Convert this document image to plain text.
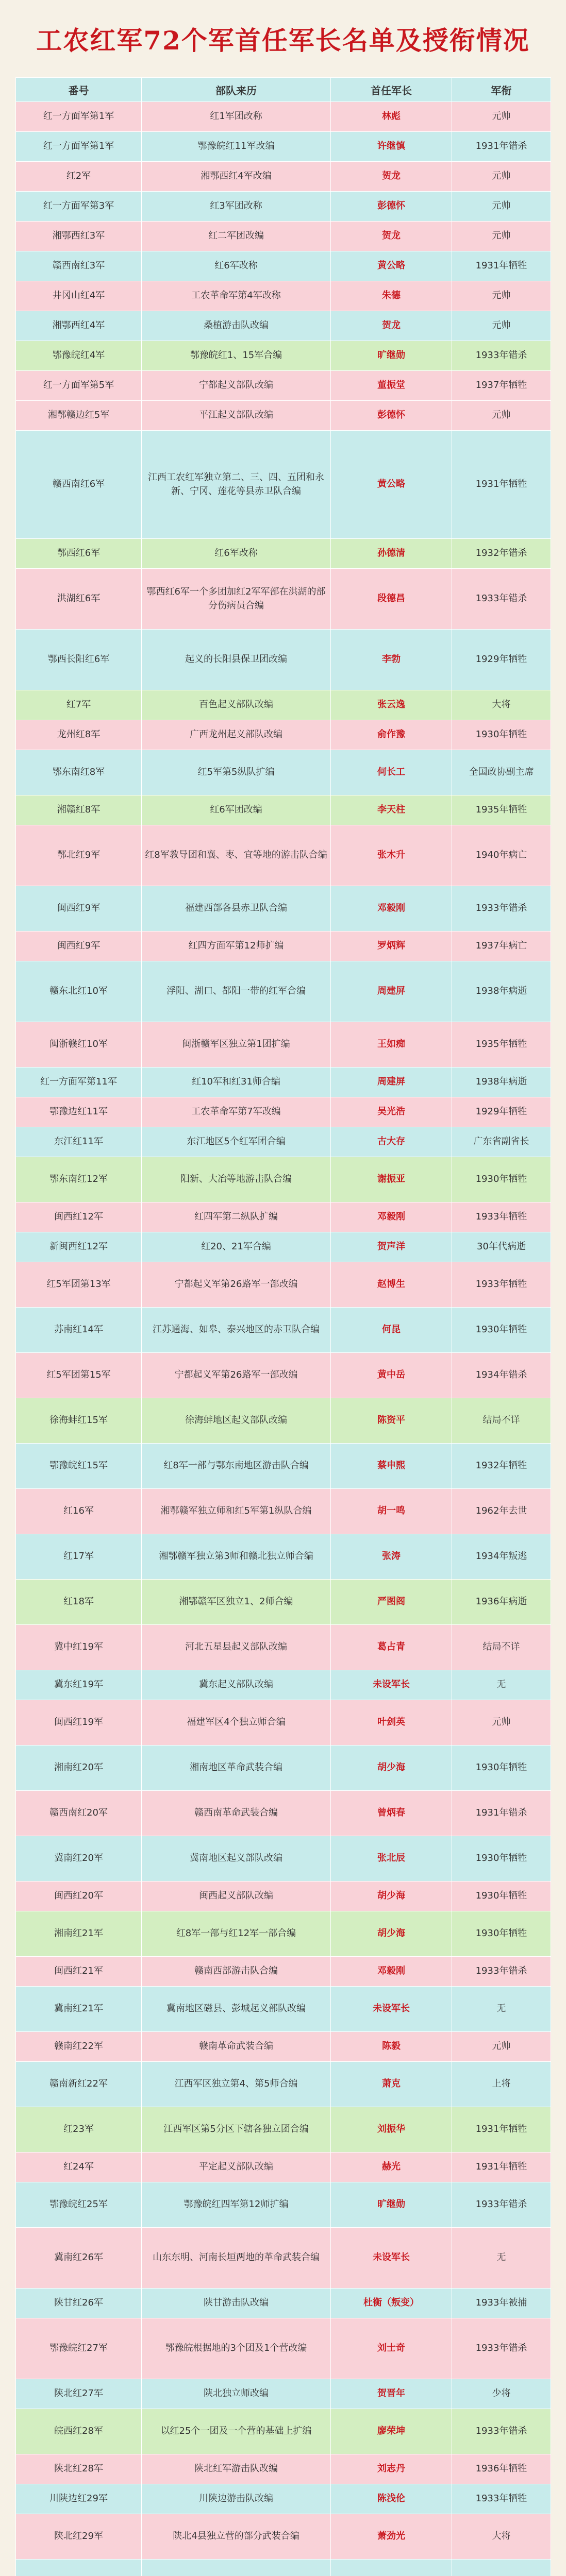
工农红军72个军首任军长名单及授衔情况
番号	部队来历	首任军长	军衔
红一方面军第1军	红1军团改称	林彪	元帅
红一方面军第1军	鄂豫皖红11军改编	许继慎	1931年错杀
红2军	湘鄂西红4军改编	贺龙	元帅
红一方面军第3军	红3军团改称	彭德怀	元帅
湘鄂西红3军	红二军团改编	贺龙	元帅
赣西南红3军	红6军改称	黄公略	1931年牺牲
井冈山红4军	工农革命军第4军改称	朱德	元帅
湘鄂西红4军	桑植游击队改编	贺龙	元帅
鄂豫皖红4军	鄂豫皖红1、15军合编	旷继勋	1933年错杀
红一方面军第5军	宁都起义部队改编	董振堂	1937年牺牲
湘鄂赣边红5军	平江起义部队改编	彭德怀	元帅
赣西南红6军	江西工农红军独立第二、三、四、五团和永新、宁冈、莲花等县赤卫队合编	黄公略	1931年牺牲
鄂西红6军	红6军改称	孙德清	1932年错杀
洪湖红6军	鄂西红6军一个多团加红2军军部在洪湖的部分伤病员合编	段德昌	1933年错杀
鄂西长阳红6军	起义的长阳县保卫团改编	李勃	1929年牺牲
红7军	百色起义部队改编	张云逸	大将
龙州红8军	广西龙州起义部队改编	俞作豫	1930年牺牲
鄂东南红8军	红5军第5纵队扩编	何长工	全国政协副主席
湘赣红8军	红6军团改编	李天柱	1935年牺牲
鄂北红9军	红8军教导团和襄、枣、宜等地的游击队合编	张木升	1940年病亡
闽西红9军	福建西部各县赤卫队合编	邓毅刚	1933年错杀
闽西红9军	红四方面军第12师扩编	罗炳辉	1937年病亡
赣东北红10军	浮阳、湖口、都阳一带的红军合编	周建屏	1938年病逝
闽浙赣红10军	闽浙赣军区独立第1团扩编	王如痴	1935年牺牲
红一方面军第11军	红10军和红31师合编	周建屏	1938年病逝
鄂豫边红11军	工农革命军第7军改编	吴光浩	1929年牺牲
东江红11军	东江地区5个红军团合编	古大存	广东省副省长
鄂东南红12军	阳新、大冶等地游击队合编	谢振亚	1930年牺牲
闽西红12军	红四军第二纵队扩编	邓毅刚	1933年牺牲
新闽西红12军	红20、21军合编	贺声洋	30年代病逝
红5军团第13军	宁都起义军第26路军一部改编	赵博生	1933年牺牲
苏南红14军	江苏通海、如皋、泰兴地区的赤卫队合编	何昆	1930年牺牲
红5军团第15军	宁都起义军第26路军一部改编	黄中岳	1934年错杀
徐海蚌红15军	徐海蚌地区起义部队改编	陈资平	结局不详
鄂豫皖红15军	红8军一部与鄂东南地区游击队合编	蔡申熙	1932年牺牲
红16军	湘鄂赣军独立师和红5军第1纵队合编	胡一鸣	1962年去世
红17军	湘鄂赣军独立第3师和赣北独立师合编	张涛	1934年叛逃
红18军	湘鄂赣军区独立1、2师合编	严图阁	1936年病逝
冀中红19军	河北五星县起义部队改编	葛占青	结局不详
冀东红19军	冀东起义部队改编	未设军长	无
闽西红19军	福建军区4个独立师合编	叶剑英	元帅
湘南红20军	湘南地区革命武装合编	胡少海	1930年牺牲
赣西南红20军	赣西南革命武装合编	曾炳春	1931年错杀
冀南红20军	冀南地区起义部队改编	张北辰	1930年牺牲
闽西红20军	闽西起义部队改编	胡少海	1930年牺牲
湘南红21军	红8军一部与红12军一部合编	胡少海	1930年牺牲
闽西红21军	赣南西部游击队合编	邓毅刚	1933年错杀
冀南红21军	冀南地区磁县、彭城起义部队改编	未设军长	无
赣南红22军	赣南革命武装合编	陈毅	元帅
赣南新红22军	江西军区独立第4、第5师合编	萧克	上将
红23军	江西军区第5分区下辖各独立团合编	刘振华	1931年牺牲
红24军	平定起义部队改编	赫光	1931年牺牲
鄂豫皖红25军	鄂豫皖红四军第12师扩编	旷继勋	1933年错杀
冀南红26军	山东东明、河南长垣两地的革命武装合编	未设军长	无
陕甘红26军	陕甘游击队改编	杜衡（叛变）	1933年被捕
鄂豫皖红27军	鄂豫皖根据地的3个团及1个营改编	刘士奇	1933年错杀
陕北红27军	陕北独立师改编	贺晋年	少将
皖西红28军	以红25个一团及一个营的基础上扩编	廖荣坤	1933年错杀
陕北红28军	陕北红军游击队改编	刘志丹	1936年牺牲
川陕边红29军	川陕边游击队改编	陈浅伦	1933年牺牲
陕北红29军	陕北4县独立营的部分武装合编	萧劲光	大将
